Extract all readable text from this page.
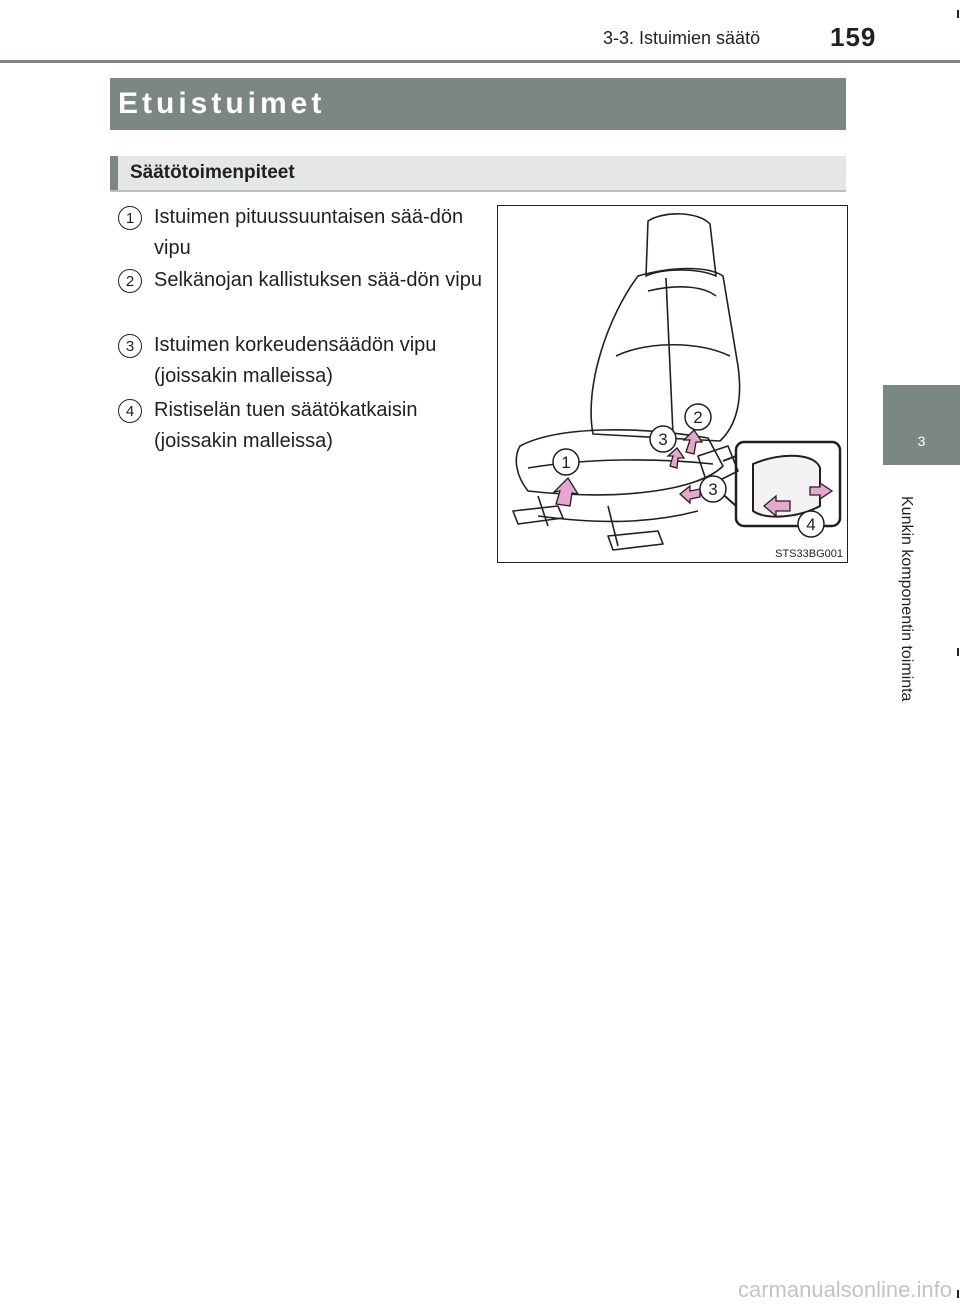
3-3. Istuimien säätö	159
Etuistuimet
Säätötoimenpiteet
1 Istuimen pituussuuntaisen sää-dön vipu
2 Selkänojan kallistuksen sää-dön vipu
3 Istuimen korkeudensäädön vipu (joissakin malleissa)
4 Ristiselän tuen säätökatkaisin (joissakin malleissa)
1
2
3
3
4
STS33BG001
3
Kunkin komponentin toiminta
carmanualsonline.info
